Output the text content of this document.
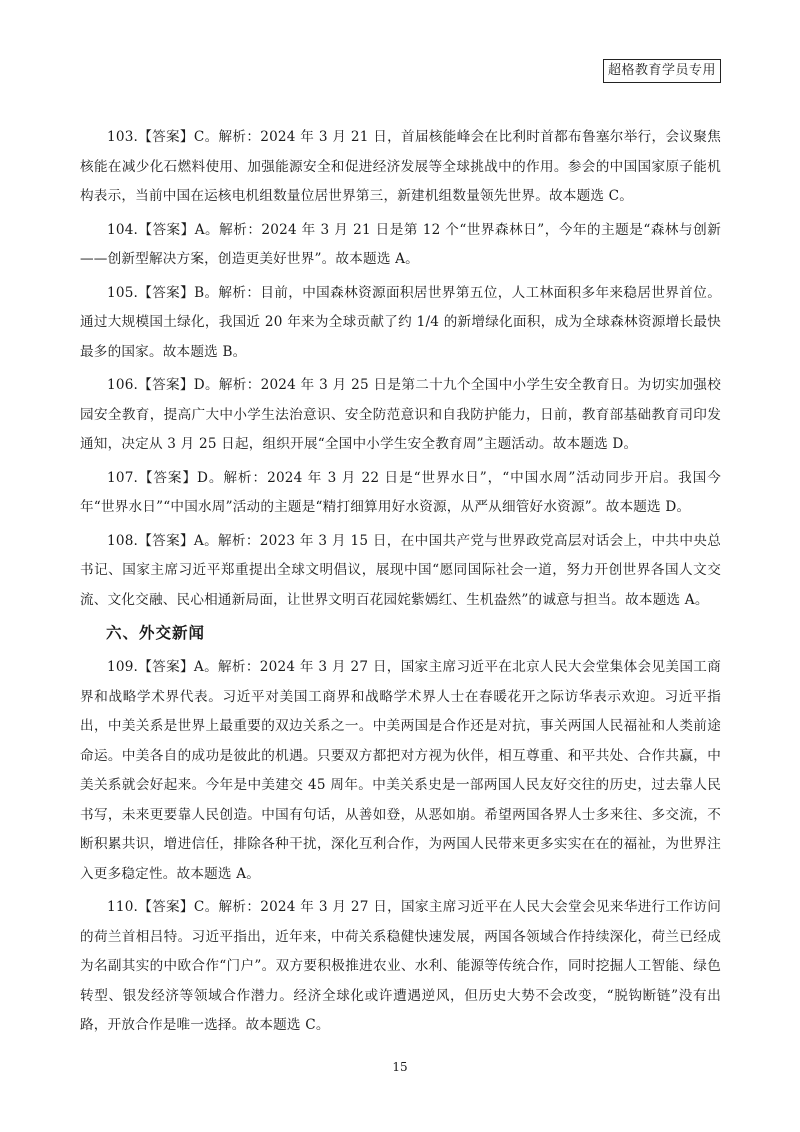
超格教育学员专用

103.【答案】C。解析：2024 年 3 月 21 日，首届核能峰会在比利时首都布鲁塞尔举行，会议聚焦核能在减少化石燃料使用、加强能源安全和促进经济发展等全球挑战中的作用。参会的中国国家原子能机构表示，当前中国在运核电机组数量位居世界第三，新建机组数量领先世界。故本题选 C。

104.【答案】A。解析：2024 年 3 月 21 日是第 12 个“世界森林日”，今年的主题是“森林与创新——创新型解决方案，创造更美好世界”。故本题选 A。

105.【答案】B。解析：目前，中国森林资源面积居世界第五位，人工林面积多年来稳居世界首位。通过大规模国土绿化，我国近 20 年来为全球贡献了约 1/4 的新增绿化面积，成为全球森林资源增长最快最多的国家。故本题选 B。

106.【答案】D。解析：2024 年 3 月 25 日是第二十九个全国中小学生安全教育日。为切实加强校园安全教育，提高广大中小学生法治意识、安全防范意识和自我防护能力，日前，教育部基础教育司印发通知，决定从 3 月 25 日起，组织开展“全国中小学生安全教育周”主题活动。故本题选 D。

107.【答案】D。解析：2024 年 3 月 22 日是“世界水日”，“中国水周”活动同步开启。我国今年“世界水日”“中国水周”活动的主题是“精打细算用好水资源，从严从细管好水资源”。故本题选 D。

108.【答案】A。解析：2023 年 3 月 15 日，在中国共产党与世界政党高层对话会上，中共中央总书记、国家主席习近平郑重提出全球文明倡议，展现中国“愿同国际社会一道，努力开创世界各国人文交流、文化交融、民心相通新局面，让世界文明百花园姹紫嫣红、生机盎然”的诚意与担当。故本题选 A。

六、外交新闻

109.【答案】A。解析：2024 年 3 月 27 日，国家主席习近平在北京人民大会堂集体会见美国工商界和战略学术界代表。习近平对美国工商界和战略学术界人士在春暖花开之际访华表示欢迎。习近平指出，中美关系是世界上最重要的双边关系之一。中美两国是合作还是对抗，事关两国人民福祉和人类前途命运。中美各自的成功是彼此的机遇。只要双方都把对方视为伙伴，相互尊重、和平共处、合作共赢，中美关系就会好起来。今年是中美建交 45 周年。中美关系史是一部两国人民友好交往的历史，过去靠人民书写，未来更要靠人民创造。中国有句话，从善如登，从恶如崩。希望两国各界人士多来往、多交流，不断积累共识，增进信任，排除各种干扰，深化互利合作，为两国人民带来更多实实在在的福祉，为世界注入更多稳定性。故本题选 A。

110.【答案】C。解析：2024 年 3 月 27 日，国家主席习近平在人民大会堂会见来华进行工作访问的荷兰首相吕特。习近平指出，近年来，中荷关系稳健快速发展，两国各领域合作持续深化，荷兰已经成为名副其实的中欧合作“门户”。双方要积极推进农业、水利、能源等传统合作，同时挖掘人工智能、绿色转型、银发经济等领域合作潜力。经济全球化或许遭遇逆风，但历史大势不会改变，“脱钩断链”没有出路，开放合作是唯一选择。故本题选 C。

15
